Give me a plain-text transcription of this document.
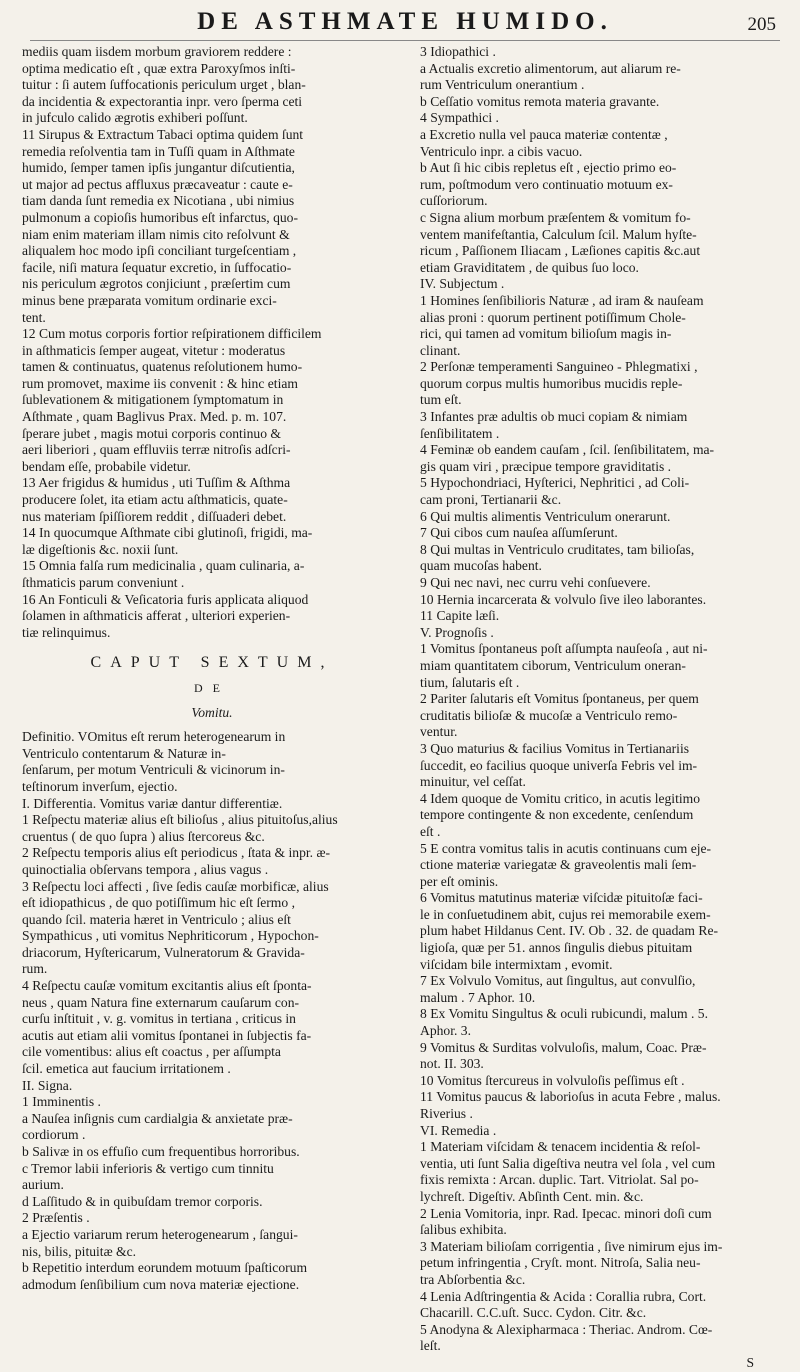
DE ASTHMATE HUMIDO.	205
mediis quam iisdem morbum graviorem reddere :
optima medicatio eſt , quæ extra Paroxyſmos inſti-
tuitur : ſi autem ſuffocationis periculum urget , blan-
da incidentia & expectorantia inpr. vero ſperma ceti
in jufculo calido ægrotis exhiberi poſſunt.
11 Sirupus & Extractum Tabaci optima quidem ſunt
remedia reſolventia tam in Tuſſi quam in Aſthmate
humido, ſemper tamen ipſis jungantur diſcutientia,
ut major ad pectus affluxus præcaveatur : caute e-
tiam danda ſunt remedia ex Nicotiana , ubi nimius
pulmonum a copioſis humoribus eſt infarctus, quo-
niam enim materiam illam nimis cito reſolvunt &
aliqualem hoc modo ipſi conciliant turgeſcentiam ,
facile, niſi matura ſequatur excretio, in ſuffocatio-
nis periculum ægrotos conjiciunt , præſertim cum
minus bene præparata vomitum ordinarie exci-
tent.
12 Cum motus corporis fortior reſpirationem difficilem
in aſthmaticis ſemper augeat, vitetur : moderatus
tamen & continuatus, quatenus reſolutionem humo-
rum promovet, maxime iis convenit : & hinc etiam
ſublevationem & mitigationem ſymptomatum in
Aſthmate , quam Baglivus Prax. Med. p. m. 107.
ſperare jubet , magis motui corporis continuo &
aeri liberiori , quam effluviis terræ nitroſis adſcri-
bendam eſſe, probabile videtur.
13 Aer frigidus & humidus , uti Tuſſim & Aſthma
producere ſolet, ita etiam actu aſthmaticis, quate-
nus materiam ſpiſſiorem reddit , diſſuaderi debet.
14 In quocumque Aſthmate cibi glutinoſi, frigidi, ma-
læ digeſtionis &c. noxii ſunt.
15 Omnia falſa rum medicinalia , quam culinaria, a-
ſthmaticis parum conveniunt .
16 An Fonticuli & Veſicatoria furis applicata aliquod
ſolamen in aſthmaticis afferat , ulteriori experien-
tiæ relinquimus.
CAPUT SEXTUM,
DE
Vomitu.
Definitio. VOmitus eſt rerum heterogenearum in
Ventriculo contentarum & Naturæ in-
ſenſarum, per motum Ventriculi & vicinorum in-
teſtinorum inverſum, ejectio.
I. Differentia. Vomitus variæ dantur differentiæ.
1 Reſpectu materiæ alius eſt bilioſus , alius pituitoſus,alius
cruentus ( de quo ſupra ) alius ſtercoreus &c.
2 Reſpectu temporis alius eſt periodicus , ſtata & inpr. æ-
quinoctialia obſervans tempora , alius vagus .
3 Reſpectu loci affecti , ſive ſedis cauſæ morbificæ, alius
eſt idiopathicus , de quo potiſſimum hic eſt ſermo ,
quando ſcil. materia hæret in Ventriculo ; alius eſt
Sympathicus , uti vomitus Nephriticorum , Hypochon-
driacorum, Hyſtericarum, Vulneratorum & Gravida-
rum.
4 Reſpectu cauſæ vomitum excitantis alius eſt ſponta-
neus , quam Natura fine externarum cauſarum con-
curſu inſtituit , v. g. vomitus in tertiana , criticus in
acutis aut etiam alii vomitus ſpontanei in ſubjectis fa-
cile vomentibus: alius eſt coactus , per aſſumpta
ſcil. emetica aut faucium irritationem .
II. Signa.
1 Imminentis .
a Nauſea inſignis cum cardialgia & anxietate præ-
cordiorum .
b Salivæ in os effuſio cum frequentibus horroribus.
c Tremor labii inferioris & vertigo cum tinnitu
aurium.
d Laſſitudo & in quibuſdam tremor corporis.
2 Præſentis .
a Ejectio variarum rerum heterogenearum , ſangui-
nis, bilis, pituitæ &c.
b Repetitio interdum eorundem motuum ſpaſticorum
admodum ſenſibilium cum nova materiæ ejectione.
3 Idiopathici .
a Actualis excretio alimentorum, aut aliarum re-
rum Ventriculum onerantium .
b Ceſſatio vomitus remota materia gravante.
4 Sympathici .
a Excretio nulla vel pauca materiæ contentæ ,
Ventriculo inpr. a cibis vacuo.
b Aut ſi hic cibis repletus eſt , ejectio primo eo-
rum, poſtmodum vero continuatio motuum ex-
cuſſoriorum.
c Signa alium morbum præſentem & vomitum fo-
ventem manifeſtantia, Calculum ſcil. Malum hyſte-
ricum , Paſſionem Iliacam , Læſiones capitis &c.aut
etiam Graviditatem , de quibus ſuo loco.
IV. Subjectum .
1 Homines ſenſibilioris Naturæ , ad iram & nauſeam
alias proni : quorum pertinent potiſſimum Chole-
rici, qui tamen ad vomitum bilioſum magis in-
clinant.
2 Perſonæ temperamenti Sanguineo - Phlegmatixi ,
quorum corpus multis humoribus mucidis reple-
tum eſt.
3 Infantes præ adultis ob muci copiam & nimiam
ſenſibilitatem .
4 Feminæ ob eandem cauſam , ſcil. ſenſibilitatem, ma-
gis quam viri , præcipue tempore graviditatis .
5 Hypochondriaci, Hyſterici, Nephritici , ad Coli-
cam proni, Tertianarii &c.
6 Qui multis alimentis Ventriculum onerarunt.
7 Qui cibos cum nauſea aſſumſerunt.
8 Qui multas in Ventriculo cruditates, tam bilioſas,
quam mucoſas habent.
9 Qui nec navi, nec curru vehi conſuevere.
10 Hernia incarcerata & volvulo ſive ileo laborantes.
11 Capite læſi.
V. Prognoſis .
1 Vomitus ſpontaneus poſt aſſumpta nauſeoſa , aut ni-
miam quantitatem ciborum, Ventriculum oneran-
tium, ſalutaris eſt .
2 Pariter ſalutaris eſt Vomitus ſpontaneus, per quem
cruditatis bilioſæ & mucoſæ a Ventriculo remo-
ventur.
3 Quo maturius & facilius Vomitus in Tertianariis
ſuccedit, eo facilius quoque univerſa Febris vel im-
minuitur, vel ceſſat.
4 Idem quoque de Vomitu critico, in acutis legitimo
tempore contingente & non excedente, cenſendum
eſt .
5 E contra vomitus talis in acutis continuans cum eje-
ctione materiæ variegatæ & graveolentis mali ſem-
per eſt ominis.
6 Vomitus matutinus materiæ viſcidæ pituitoſæ faci-
le in conſuetudinem abit, cujus rei memorabile exem-
plum habet Hildanus Cent. IV. Ob . 32. de quadam Re-
ligioſa, quæ per 51. annos ſingulis diebus pituitam
viſcidam bile intermixtam , evomit.
7 Ex Volvulo Vomitus, aut ſingultus, aut convulſio,
malum . 7 Aphor. 10.
8 Ex Vomitu Singultus & oculi rubicundi, malum . 5.
Aphor. 3.
9 Vomitus & Surditas volvuloſis, malum, Coac. Præ-
not. II. 303.
10 Vomitus ſtercureus in volvuloſis peſſimus eſt .
11 Vomitus paucus & laborioſus in acuta Febre , malus.
Riverius .
VI. Remedia .
1 Materiam viſcidam & tenacem incidentia & reſol-
ventia, uti ſunt Salia digeſtiva neutra vel ſola , vel cum
fixis remixta : Arcan. duplic. Tart. Vitriolat. Sal po-
lychreſt. Digeſtiv. Abſinth Cent. min. &c.
2 Lenia Vomitoria, inpr. Rad. Ipecac. minori doſi cum
ſalibus exhibita.
3 Materiam bilioſam corrigentia , ſive nimirum ejus im-
petum infringentia , Cryſt. mont. Nitroſa, Salia neu-
tra Abſorbentia &c.
4 Lenia Adſtringentia & Acida : Corallia rubra, Cort.
Chacarill. C.C.uſt. Succ. Cydon. Citr. &c.
5 Anodyna & Alexipharmaca : Theriac. Androm. Cœ-
leſt.
S
